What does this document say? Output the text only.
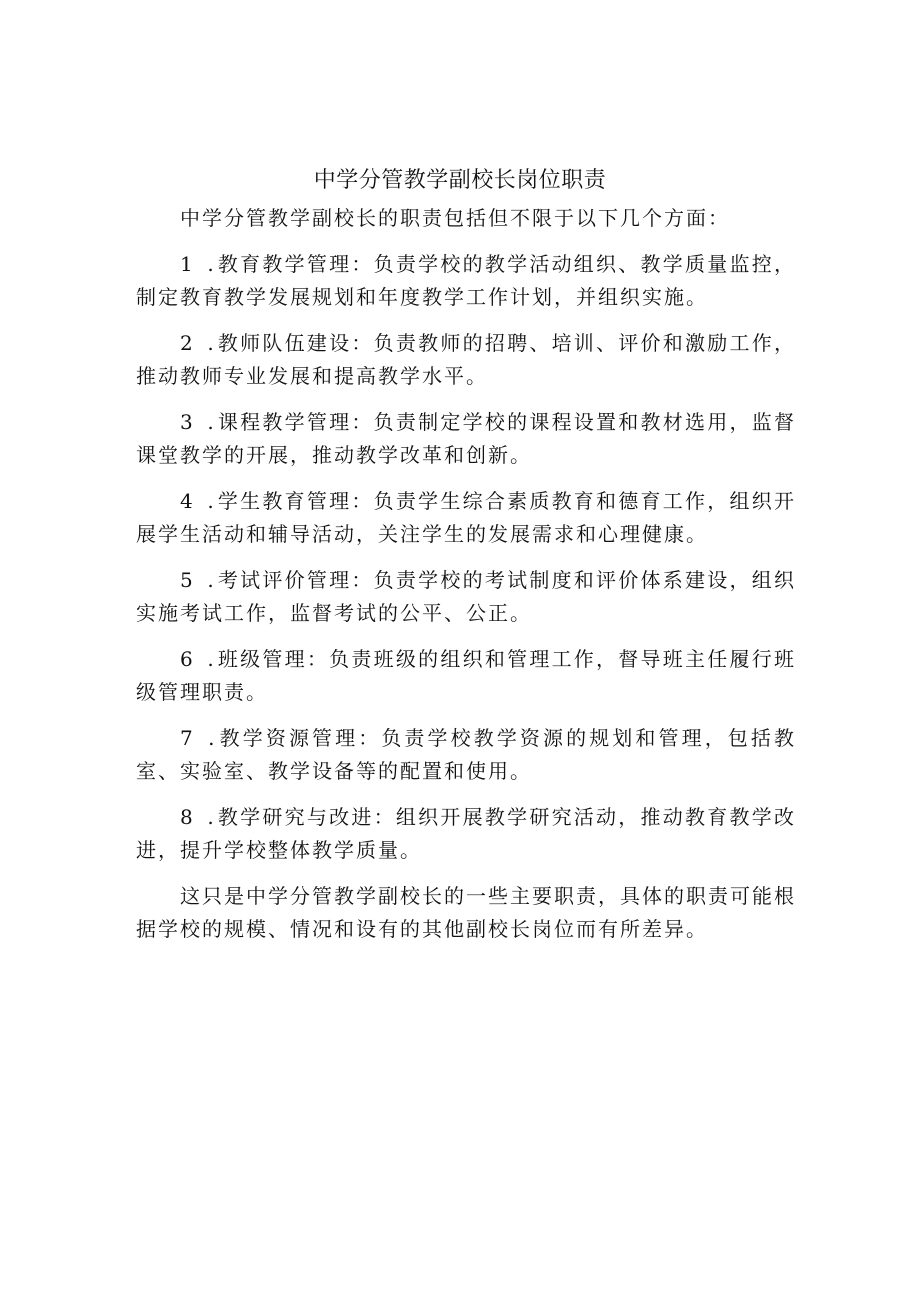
中学分管教学副校长岗位职责

中学分管教学副校长的职责包括但不限于以下几个方面：

1 .教育教学管理：负责学校的教学活动组织、教学质量监控，制定教育教学发展规划和年度教学工作计划，并组织实施。

2 .教师队伍建设：负责教师的招聘、培训、评价和激励工作，推动教师专业发展和提高教学水平。

3 .课程教学管理：负责制定学校的课程设置和教材选用，监督课堂教学的开展，推动教学改革和创新。

4 .学生教育管理：负责学生综合素质教育和德育工作，组织开展学生活动和辅导活动，关注学生的发展需求和心理健康。

5 .考试评价管理：负责学校的考试制度和评价体系建设，组织实施考试工作，监督考试的公平、公正。

6 .班级管理：负责班级的组织和管理工作，督导班主任履行班级管理职责。

7 .教学资源管理：负责学校教学资源的规划和管理，包括教室、实验室、教学设备等的配置和使用。

8 .教学研究与改进：组织开展教学研究活动，推动教育教学改进，提升学校整体教学质量。

这只是中学分管教学副校长的一些主要职责，具体的职责可能根据学校的规模、情况和设有的其他副校长岗位而有所差异。
